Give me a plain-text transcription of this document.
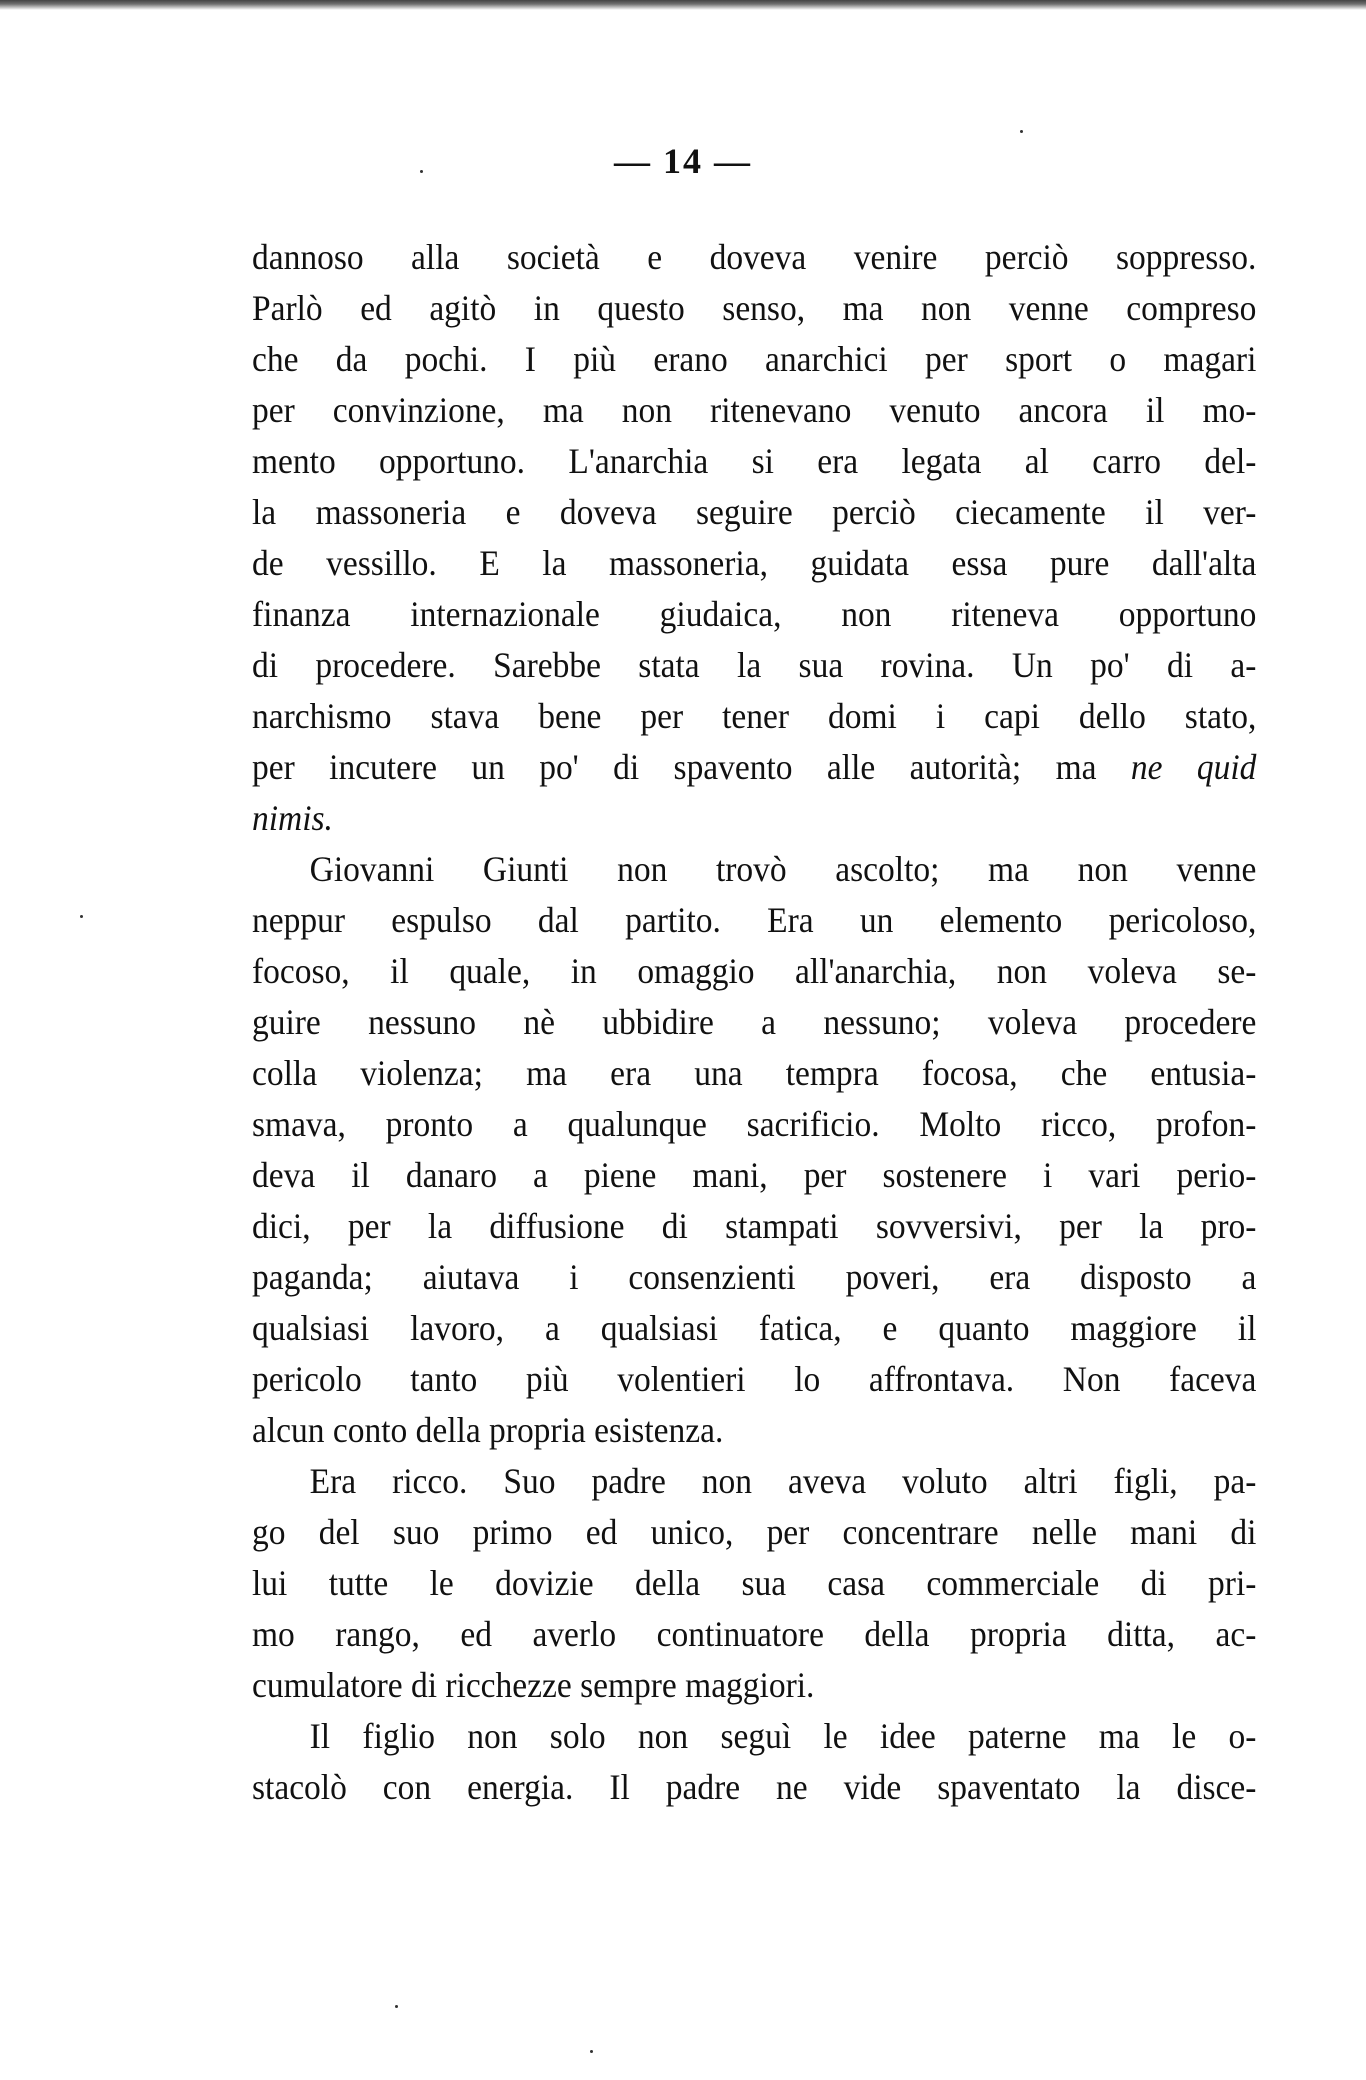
— 14 —
dannoso alla società e doveva venire perciò soppresso.
Parlò ed agitò in questo senso, ma non venne compreso
che da pochi. I più erano anarchici per sport o magari
per convinzione, ma non ritenevano venuto ancora il mo-
mento opportuno. L'anarchia si era legata al carro del-
la massoneria e doveva seguire perciò ciecamente il ver-
de vessillo. E la massoneria, guidata essa pure dall'alta
finanza internazionale giudaica, non riteneva opportuno
di procedere. Sarebbe stata la sua rovina. Un po' di a-
narchismo stava bene per tener domi i capi dello stato,
per incutere un po' di spavento alle autorità; ma ne quid
nimis.
Giovanni Giunti non trovò ascolto; ma non venne
neppur espulso dal partito. Era un elemento pericoloso,
focoso, il quale, in omaggio all'anarchia, non voleva se-
guire nessuno nè ubbidire a nessuno; voleva procedere
colla violenza; ma era una tempra focosa, che entusia-
smava, pronto a qualunque sacrificio. Molto ricco, profon-
deva il danaro a piene mani, per sostenere i vari perio-
dici, per la diffusione di stampati sovversivi, per la pro-
paganda; aiutava i consenzienti poveri, era disposto a
qualsiasi lavoro, a qualsiasi fatica, e quanto maggiore il
pericolo tanto più volentieri lo affrontava. Non faceva
alcun conto della propria esistenza.
Era ricco. Suo padre non aveva voluto altri figli, pa-
go del suo primo ed unico, per concentrare nelle mani di
lui tutte le dovizie della sua casa commerciale di pri-
mo rango, ed averlo continuatore della propria ditta, ac-
cumulatore di ricchezze sempre maggiori.
Il figlio non solo non seguì le idee paterne ma le o-
stacolò con energia. Il padre ne vide spaventato la disce-
